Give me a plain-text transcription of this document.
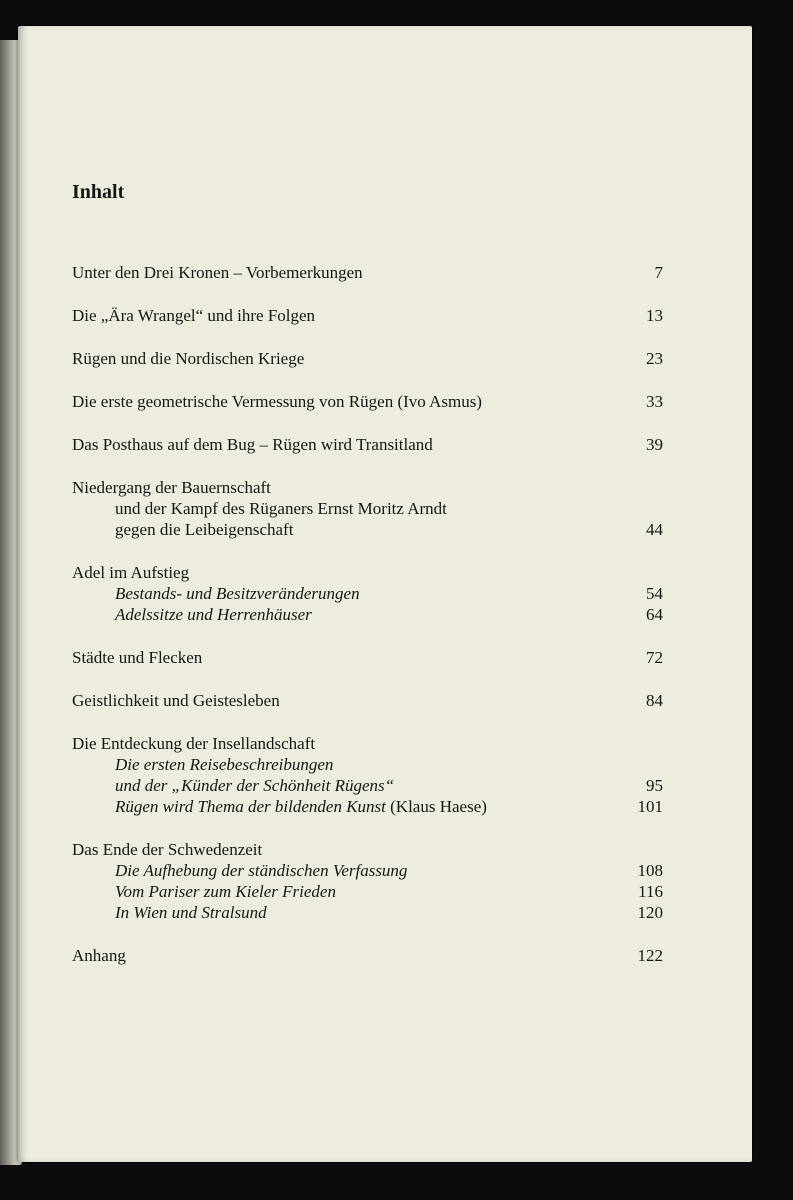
Inhalt
Unter den Drei Kronen – Vorbemerkungen	7
Die „Ära Wrangel“ und ihre Folgen	13
Rügen und die Nordischen Kriege	23
Die erste geometrische Vermessung von Rügen (Ivo Asmus)	33
Das Posthaus auf dem Bug – Rügen wird Transitland	39
Niedergang der Bauernschaft
und der Kampf des Rüganers Ernst Moritz Arndt
gegen die Leibeigenschaft	44
Adel im Aufstieg
Bestands- und Besitzveränderungen	54
Adelssitze und Herrenhäuser	64
Städte und Flecken	72
Geistlichkeit und Geistesleben	84
Die Entdeckung der Insellandschaft
Die ersten Reisebeschreibungen
und der „Künder der Schönheit Rügens“	95
Rügen wird Thema der bildenden Kunst (Klaus Haese)	101
Das Ende der Schwedenzeit
Die Aufhebung der ständischen Verfassung	108
Vom Pariser zum Kieler Frieden	116
In Wien und Stralsund	120
Anhang	122
